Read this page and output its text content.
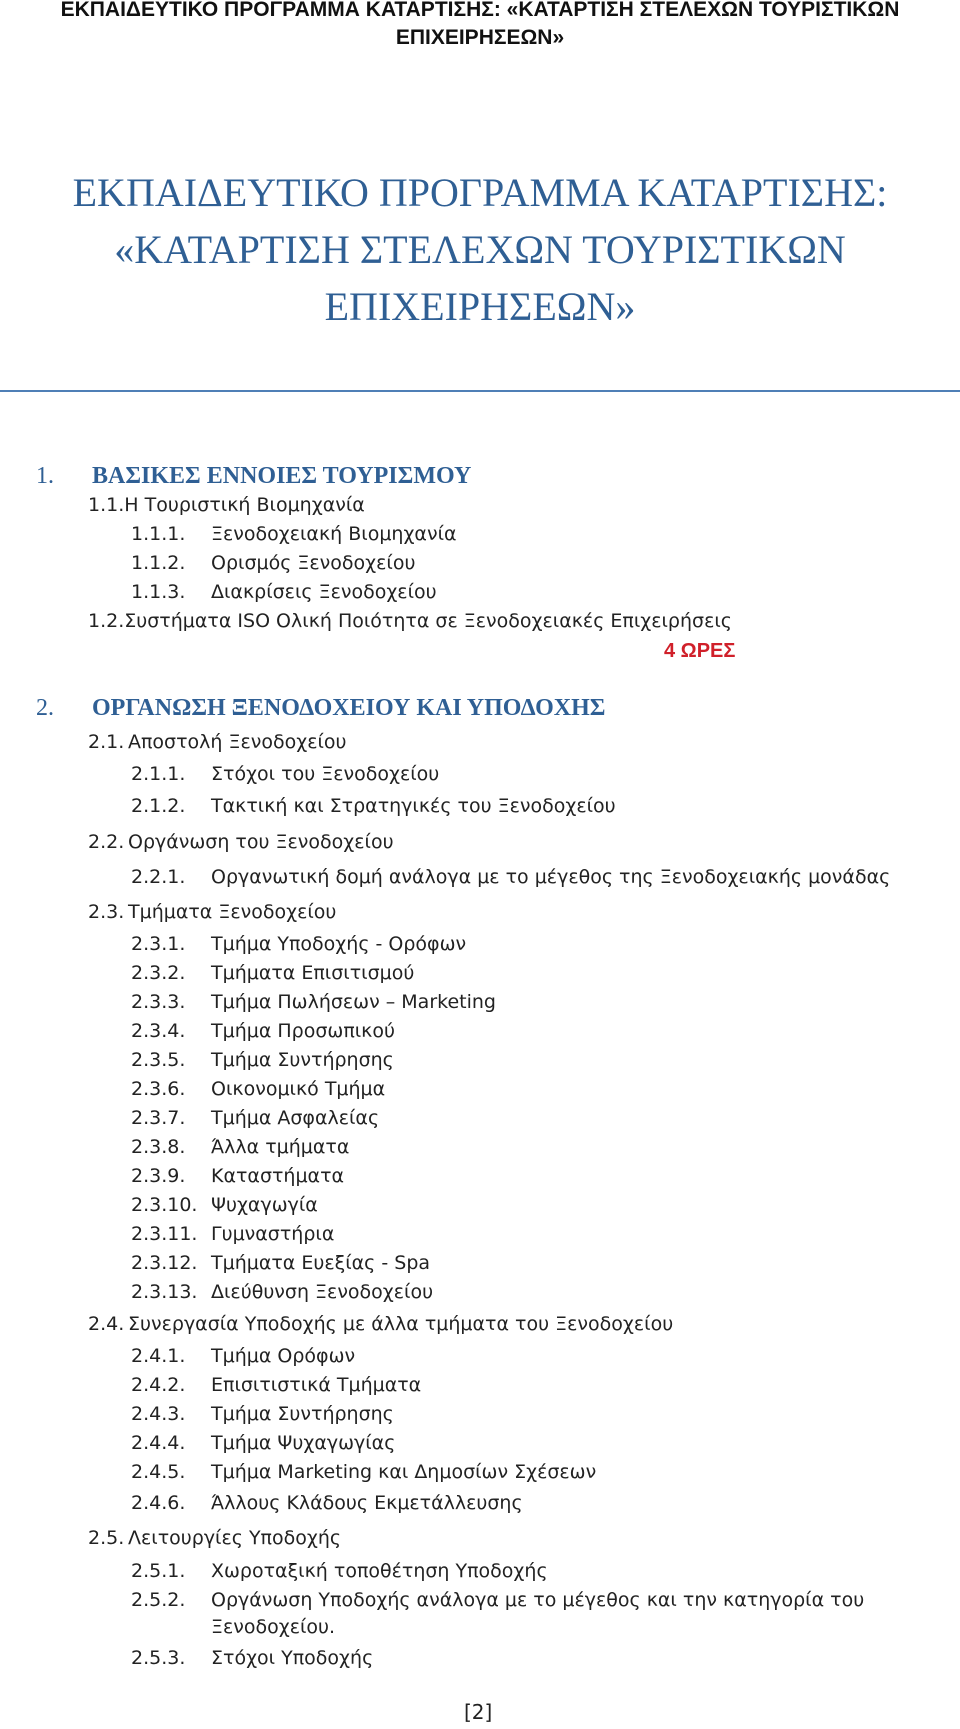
ΕΚΠΑΙΔΕΥΤΙΚΟ ΠΡΟΓΡΑΜΜΑ ΚΑΤΑΡΤΙΣΗΣ: «ΚΑΤΑΡΤΙΣΗ ΣΤΕΛΕΧΩΝ ΤΟΥΡΙΣΤΙΚΩΝ
ΕΠΙΧΕΙΡΗΣΕΩΝ»
ΕΚΠΑΙΔΕΥΤΙΚΟ ΠΡΟΓΡΑΜΜΑ ΚΑΤΑΡΤΙΣΗΣ:
«ΚΑΤΑΡΤΙΣΗ ΣΤΕΛΕΧΩΝ ΤΟΥΡΙΣΤΙΚΩΝ
ΕΠΙΧΕΙΡΗΣΕΩΝ»
1. ΒΑΣΙΚΕΣ ΕΝΝΟΙΕΣ ΤΟΥΡΙΣΜΟΥ
1.1.Η Τουριστική Βιομηχανία
1.1.1. Ξενοδοχειακή Βιομηχανία
1.1.2. Ορισμός Ξενοδοχείου
1.1.3. Διακρίσεις Ξενοδοχείου
1.2.Συστήματα ISO Ολική Ποιότητα σε Ξενοδοχειακές Επιχειρήσεις
4 ΩΡΕΣ
2. ΟΡΓΑΝΩΣΗ ΞΕΝΟΔΟΧΕΙΟΥ ΚΑΙ ΥΠΟΔΟΧΗΣ
2.1. Αποστολή Ξενοδοχείου
2.1.1. Στόχοι του Ξενοδοχείου
2.1.2. Τακτική και Στρατηγικές του Ξενοδοχείου
2.2. Οργάνωση του Ξενοδοχείου
2.2.1. Οργανωτική δομή ανάλογα με το μέγεθος της Ξενοδοχειακής μονάδας
2.3. Τμήματα Ξενοδοχείου
2.3.1. Τμήμα Υποδοχής - Ορόφων
2.3.2. Τμήματα Επισιτισμού
2.3.3. Τμήμα Πωλήσεων – Marketing
2.3.4. Τμήμα Προσωπικού
2.3.5. Τμήμα Συντήρησης
2.3.6. Οικονομικό Τμήμα
2.3.7. Τμήμα Ασφαλείας
2.3.8. Άλλα τμήματα
2.3.9. Καταστήματα
2.3.10. Ψυχαγωγία
2.3.11. Γυμναστήρια
2.3.12. Τμήματα Ευεξίας - Spa
2.3.13. Διεύθυνση Ξενοδοχείου
2.4. Συνεργασία Υποδοχής με άλλα τμήματα του Ξενοδοχείου
2.4.1. Τμήμα Ορόφων
2.4.2. Επισιτιστικά Τμήματα
2.4.3. Τμήμα Συντήρησης
2.4.4. Τμήμα Ψυχαγωγίας
2.4.5. Τμήμα Marketing και Δημοσίων Σχέσεων
2.4.6. Άλλους Κλάδους Εκμετάλλευσης
2.5. Λειτουργίες Υποδοχής
2.5.1. Χωροταξική τοποθέτηση Υποδοχής
2.5.2. Οργάνωση Υποδοχής ανάλογα με το μέγεθος και την κατηγορία του
Ξενοδοχείου.
2.5.3. Στόχοι Υποδοχής
[2]
